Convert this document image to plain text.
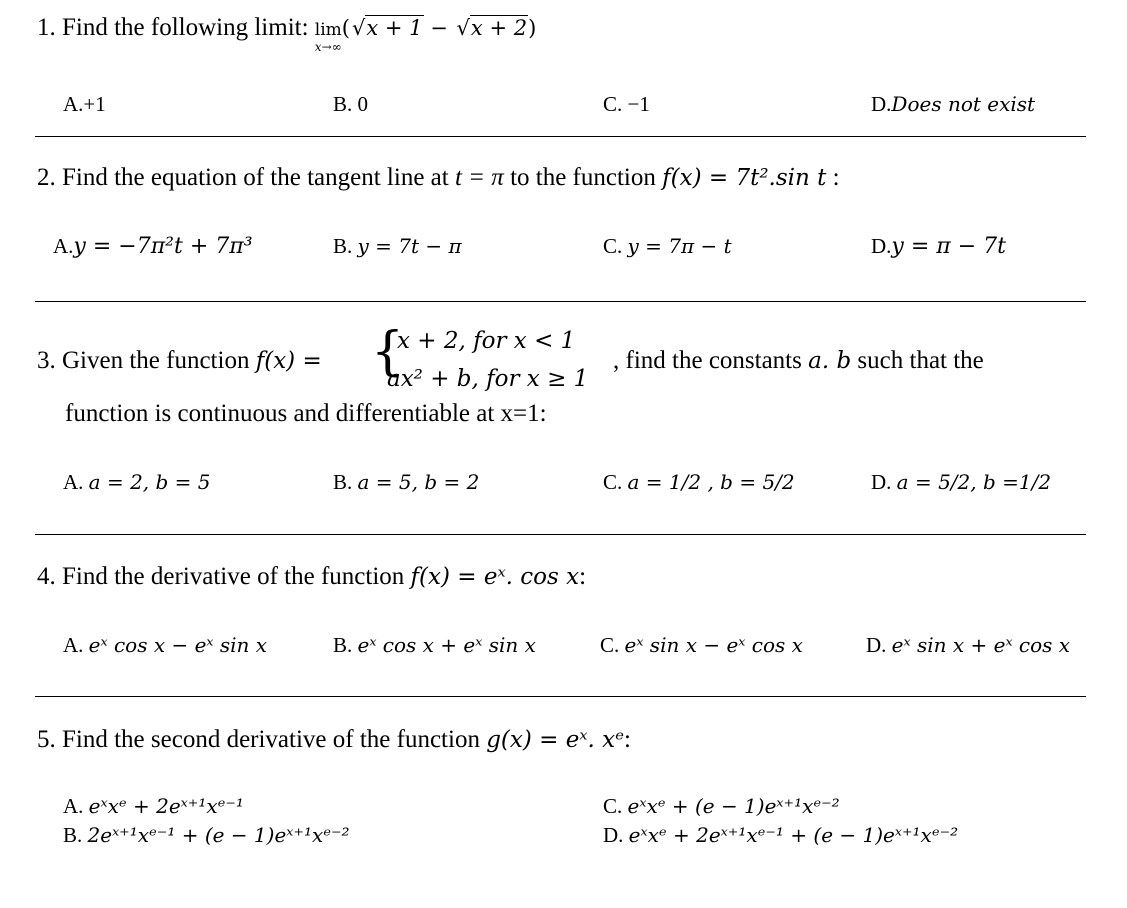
1. Find the following limit: lim
x→∞
(√x + 1 − √x + 2)
A.+1	B. 0	C. −1	D.Does not exist
2. Find the equation of the tangent line at t = π to the function f(x) = 7t².sin t :
A.y = −7π²t + 7π³	B. y = 7t − π	C. y = 7π − t	D.y = π − 7t
3. Given the function f(x) = {
x + 2, for x < 1
ax² + b, for x ≥ 1
, find the constants a. b such that the
function is continuous and differentiable at x=1:
A. a = 2, b = 5	B. a = 5, b = 2	C. a = 1/2 , b = 5/2	D. a = 5/2, b =1/2
4. Find the derivative of the function f(x) = eˣ. cos x:
A. eˣ cos x − eˣ sin x	B. eˣ cos x + eˣ sin x	C. eˣ sin x − eˣ cos x	D. eˣ sin x + eˣ cos x
5. Find the second derivative of the function g(x) = eˣ. xᵉ:
A. eˣxᵉ + 2eˣ⁺¹xᵉ⁻¹
B. 2eˣ⁺¹xᵉ⁻¹ + (e − 1)eˣ⁺¹xᵉ⁻²
C. eˣxᵉ + (e − 1)eˣ⁺¹xᵉ⁻²
D. eˣxᵉ + 2eˣ⁺¹xᵉ⁻¹ + (e − 1)eˣ⁺¹xᵉ⁻²
